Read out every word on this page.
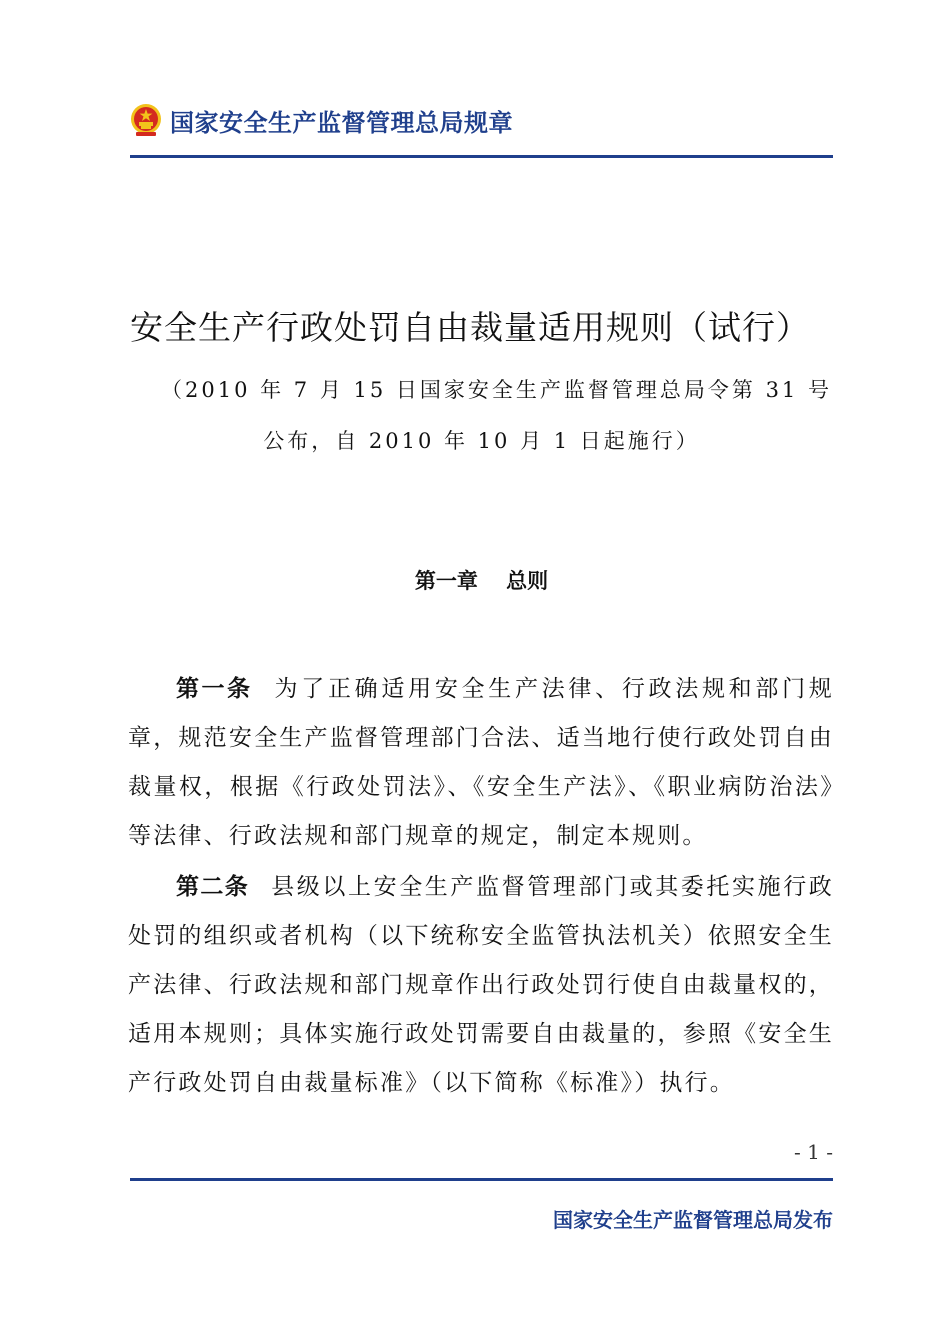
国家安全生产监督管理总局规章
安全生产行政处罚自由裁量适用规则（试行）
（2010 年 7 月 15 日国家安全生产监督管理总局令第 31 号
公布，自 2010 年 10 月 1 日起施行）
第一章　 总则

第一条 为了正确适用安全生产法律、行政法规和部门规章，规范安全生产监督管理部门合法、适当地行使行政处罚自由裁量权，根据《行政处罚法》、《安全生产法》、《职业病防治法》等法律、行政法规和部门规章的规定，制定本规则。

第二条 县级以上安全生产监督管理部门或其委托实施行政处罚的组织或者机构（以下统称安全监管执法机关）依照安全生产法律、行政法规和部门规章作出行政处罚行使自由裁量权的，适用本规则；具体实施行政处罚需要自由裁量的，参照《安全生产行政处罚自由裁量标准》（以下简称《标准》）执行。

- 1 -
国家安全生产监督管理总局发布
